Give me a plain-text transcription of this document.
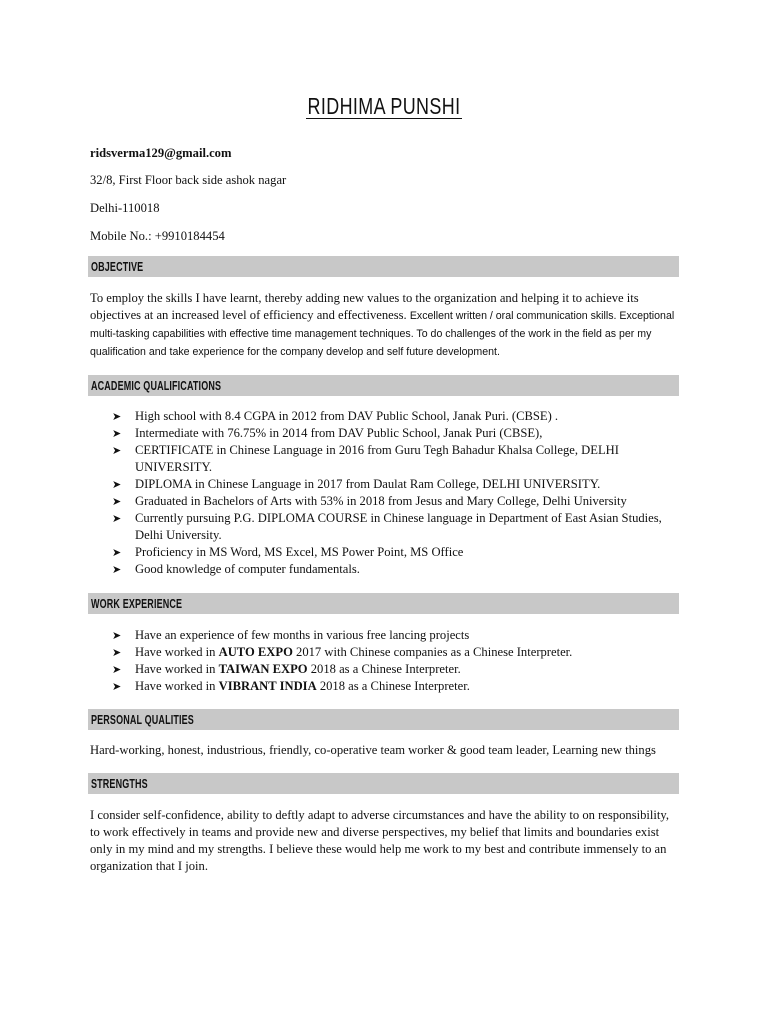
RIDHIMA PUNSHI
ridsverma129@gmail.com
32/8, First Floor back side ashok nagar
Delhi-110018
Mobile No.: +9910184454
OBJECTIVE
To employ the skills I have learnt, thereby adding new values to the organization and helping it to achieve its objectives at an increased level of efficiency and effectiveness. Excellent written / oral communication skills. Exceptional multi-tasking capabilities with effective time management techniques. To do challenges of the work in the field as per my qualification and take experience for the company develop and self future development.
ACADEMIC QUALIFICATIONS
➤ High school with 8.4 CGPA in 2012 from DAV Public School, Janak Puri. (CBSE) .
➤ Intermediate with 76.75% in 2014 from DAV Public School, Janak Puri (CBSE),
➤ CERTIFICATE in Chinese Language in 2016 from Guru Tegh Bahadur Khalsa College, DELHI UNIVERSITY.
➤ DIPLOMA in Chinese Language in 2017 from Daulat Ram College, DELHI UNIVERSITY.
➤ Graduated in Bachelors of Arts with 53% in 2018 from Jesus and Mary College, Delhi University
➤ Currently pursuing P.G. DIPLOMA COURSE in Chinese language in Department of East Asian Studies, Delhi University.
➤ Proficiency in MS Word, MS Excel, MS Power Point, MS Office
➤ Good knowledge of computer fundamentals.
WORK EXPERIENCE
➤ Have an experience of few months in various free lancing projects
➤ Have worked in AUTO EXPO 2017 with Chinese companies as a Chinese Interpreter.
➤ Have worked in TAIWAN EXPO 2018 as a Chinese Interpreter.
➤ Have worked in VIBRANT INDIA 2018 as a Chinese Interpreter.
PERSONAL QUALITIES
Hard-working, honest, industrious, friendly, co-operative team worker & good team leader, Learning new things
STRENGTHS
I consider self-confidence, ability to deftly adapt to adverse circumstances and have the ability to on responsibility, to work effectively in teams and provide new and diverse perspectives, my belief that limits and boundaries exist only in my mind and my strengths. I believe these would help me work to my best and contribute immensely to an organization that I join.
